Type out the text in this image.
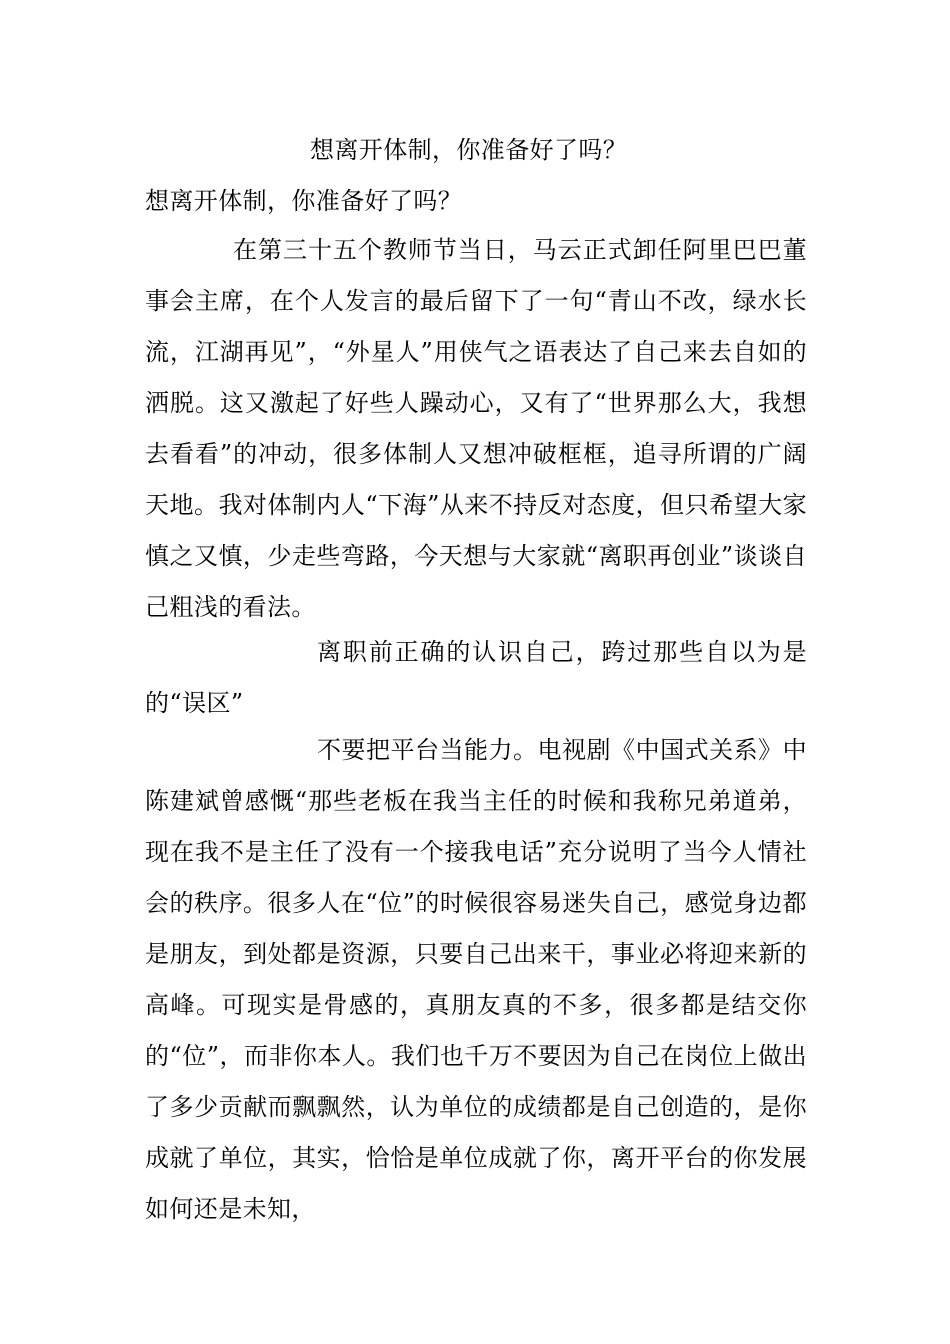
想离开体制，你准备好了吗？

想离开体制，你准备好了吗？

在第三十五个教师节当日，马云正式卸任阿里巴巴董事会主席，在个人发言的最后留下了一句“青山不改，绿水长流，江湖再见”，“外星人”用侠气之语表达了自己来去自如的洒脱。这又激起了好些人躁动心，又有了“世界那么大，我想去看看”的冲动，很多体制人又想冲破框框，追寻所谓的广阔天地。我对体制内人“下海”从来不持反对态度，但只希望大家慎之又慎，少走些弯路，今天想与大家就“离职再创业”谈谈自己粗浅的看法。

离职前正确的认识自己，跨过那些自以为是的“误区”

不要把平台当能力。电视剧《中国式关系》中陈建斌曾感慨“那些老板在我当主任的时候和我称兄弟道弟，现在我不是主任了没有一个接我电话”充分说明了当今人情社会的秩序。很多人在“位”的时候很容易迷失自己，感觉身边都是朋友，到处都是资源，只要自己出来干，事业必将迎来新的高峰。可现实是骨感的，真朋友真的不多，很多都是结交你的“位”，而非你本人。我们也千万不要因为自己在岗位上做出了多少贡献而飘飘然，认为单位的成绩都是自己创造的，是你成就了单位，其实，恰恰是单位成就了你，离开平台的你发展如何还是未知，
